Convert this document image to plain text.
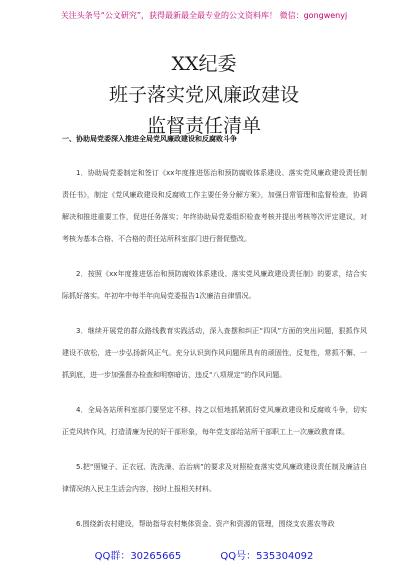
关注头条号“公文研究”，获得最新最全最专业的公文资料库！ 微信：gongwenyj
XX纪委
班子落实党风廉政建设
监督责任清单
一、协助局党委深入推进全局党风廉政建设和反腐败斗争

1．协助局党委制定和签订《xx年度推进惩治和预防腐败体系建设、落实党风廉政建设责任制责任书》，制定《党风廉政建设和反腐败工作主要任务分解方案》，加强日常管理和监督检查，协调解决和推进重要工作，促进任务落实；年终协助局党委组织检查考核并提出考核等次评定建议，对考核为基本合格、不合格的责任站所科室部门进行督促整改。

2．按照《xx年度推进惩治和预防腐败体系建设、落实党风廉政建设责任制》的要求，结合实际抓好落实。年初年中每半年向局党委报告1次廉洁自律情况。

3．继续开展党的群众路线教育实践活动，深入查摆和纠正“四风”方面的突出问题，狠抓作风建设不放松，进一步弘扬新风正气。充分认识到作风问题所具有的顽固性、反复性，常抓不懈、一抓到底，进一步加强督办检查和明察暗访，违反“八项规定”的作风问题。

4．全局各站所科室部门要坚定不移、持之以恒地抓紧抓好党风廉政建设和反腐败斗争，切实正党风转作风，打造清廉为民的好干部形象，每年党支部给站所干部职工上一次廉政教育课。

5.把“照镜子、正衣冠、洗洗澡、治治病”的要求及对照检查落实党风廉政建设责任制及廉洁自律情况纳入民主生活会内容，按时上报相关材料。

6.围绕新农村建设，帮助指导农村集体资金、资产和资源的管理，围绕支农惠农等政

QQ群：30265665	QQ号：535304092
